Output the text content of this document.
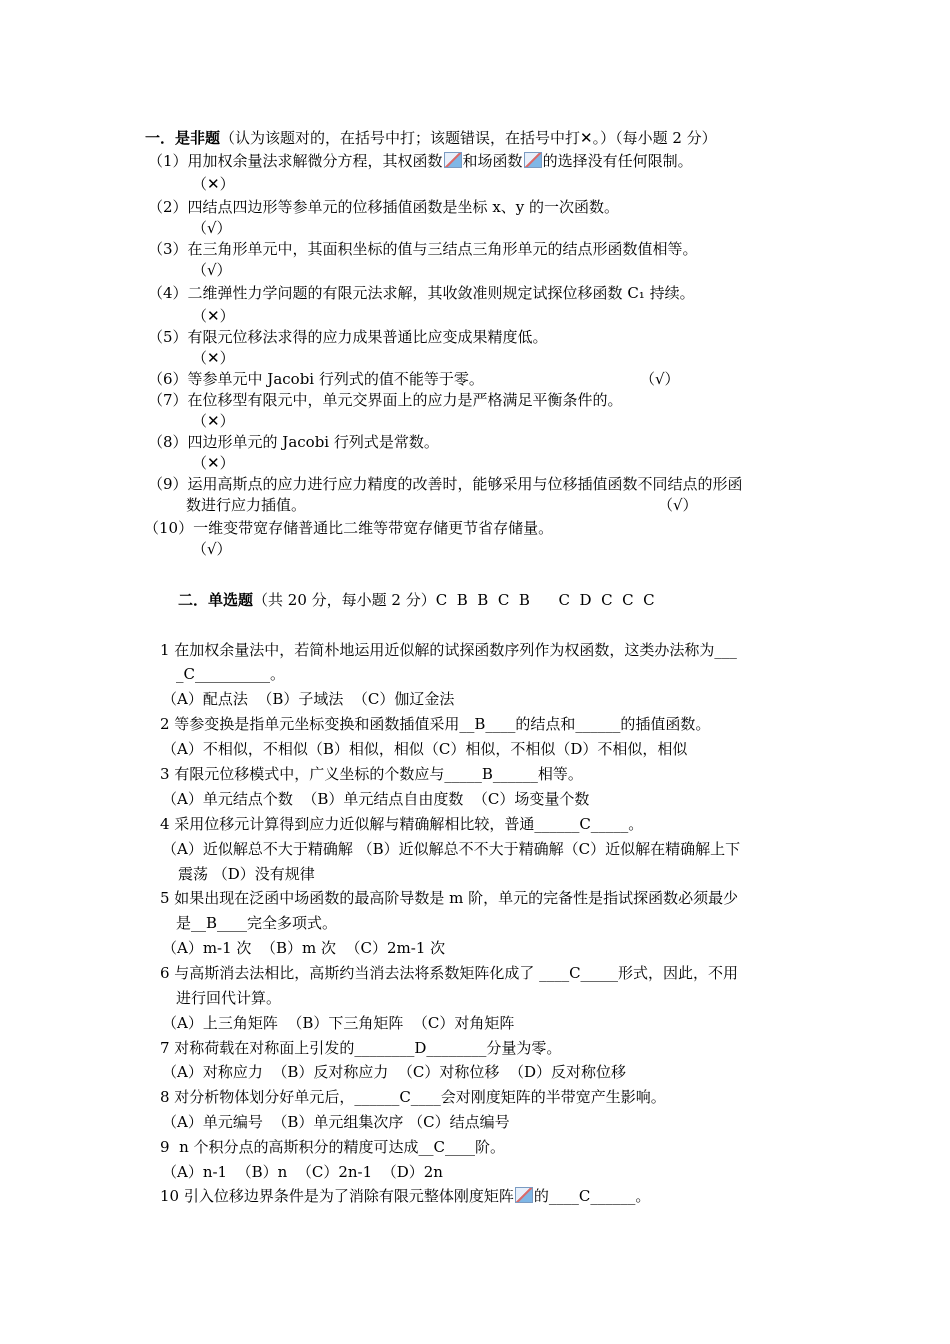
一．是非题（认为该题对的，在括号中打；该题错误，在括号中打✕。）（每小题 2 分）
（1）用加权余量法求解微分方程，其权函数 和场函数 的选择没有任何限制。
（✕）
（2）四结点四边形等参单元的位移插值函数是坐标 x、y 的一次函数。
（√）
（3）在三角形单元中，其面积坐标的值与三结点三角形单元的结点形函数值相等。
（√）
（4）二维弹性力学问题的有限元法求解，其收敛准则规定试探位移函数 C₁ 持续。
（✕）
（5）有限元位移法求得的应力成果普通比应变成果精度低。
（✕）
（6）等参单元中 Jacobi 行列式的值不能等于零。	（√）
（7）在位移型有限元中，单元交界面上的应力是严格满足平衡条件的。
（✕）
（8）四边形单元的 Jacobi 行列式是常数。
（✕）
（9）运用高斯点的应力进行应力精度的改善时，能够采用与位移插值函数不同结点的形函
数进行应力插值。	（√）
（10）一维变带宽存储普通比二维等带宽存储更节省存储量。
（√）
二．单选题（共 20 分，每小题 2 分）C  B  B  C  B      C  D  C  C  C
1 在加权余量法中，若简朴地运用近似解的试探函数序列作为权函数，这类办法称为___
_C__________。
（A）配点法  （B）子域法  （C）伽辽金法
2 等参变换是指单元坐标变换和函数插值采用__B____的结点和______的插值函数。
（A）不相似，不相似（B）相似，相似（C）相似，不相似（D）不相似，相似
3 有限元位移模式中，广义坐标的个数应与_____B______相等。
（A）单元结点个数  （B）单元结点自由度数  （C）场变量个数
4 采用位移元计算得到应力近似解与精确解相比较，普通______C_____。
（A）近似解总不大于精确解 （B）近似解总不不大于精确解（C）近似解在精确解上下
震荡 （D）没有规律
5 如果出现在泛函中场函数的最高阶导数是 m 阶，单元的完备性是指试探函数必须最少
是__B____完全多项式。
（A）m-1 次  （B）m 次  （C）2m-1 次
6 与高斯消去法相比，高斯约当消去法将系数矩阵化成了 ____C_____形式，因此，不用
进行回代计算。
（A）上三角矩阵  （B）下三角矩阵  （C）对角矩阵
7 对称荷载在对称面上引发的________D________分量为零。
（A）对称应力  （B）反对称应力  （C）对称位移  （D）反对称位移
8 对分析物体划分好单元后，______C____会对刚度矩阵的半带宽产生影响。
（A）单元编号  （B）单元组集次序 （C）结点编号
9  n 个积分点的高斯积分的精度可达成__C____阶。
（A）n-1  （B）n  （C）2n-1  （D）2n
10 引入位移边界条件是为了消除有限元整体刚度矩阵 的____C______。
